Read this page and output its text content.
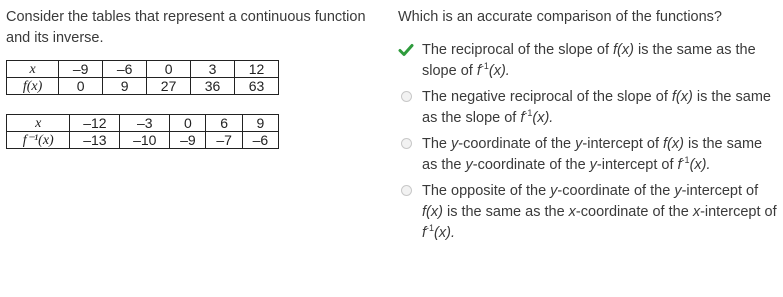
Consider the tables that represent a continuous function and its inverse.

x	–9	–6	0	3	12
f(x)	0	9	27	36	63
x	–12	–3	0	6	9
f⁻¹(x)	–13	–10	–9	–7	–6

Which is an accurate comparison of the functions?

The reciprocal of the slope of f(x) is the same as the slope of $f^{-1}(x)$.
The negative reciprocal of the slope of f(x) is the same as the slope of $f^{-1}(x)$.
The y-coordinate of the y-intercept of f(x) is the same as the y-coordinate of the y-intercept of $f^{-1}(x)$.
The opposite of the y-coordinate of the y-intercept of f(x) is the same as the x-coordinate of the x-intercept of $f^{-1}(x)$.
